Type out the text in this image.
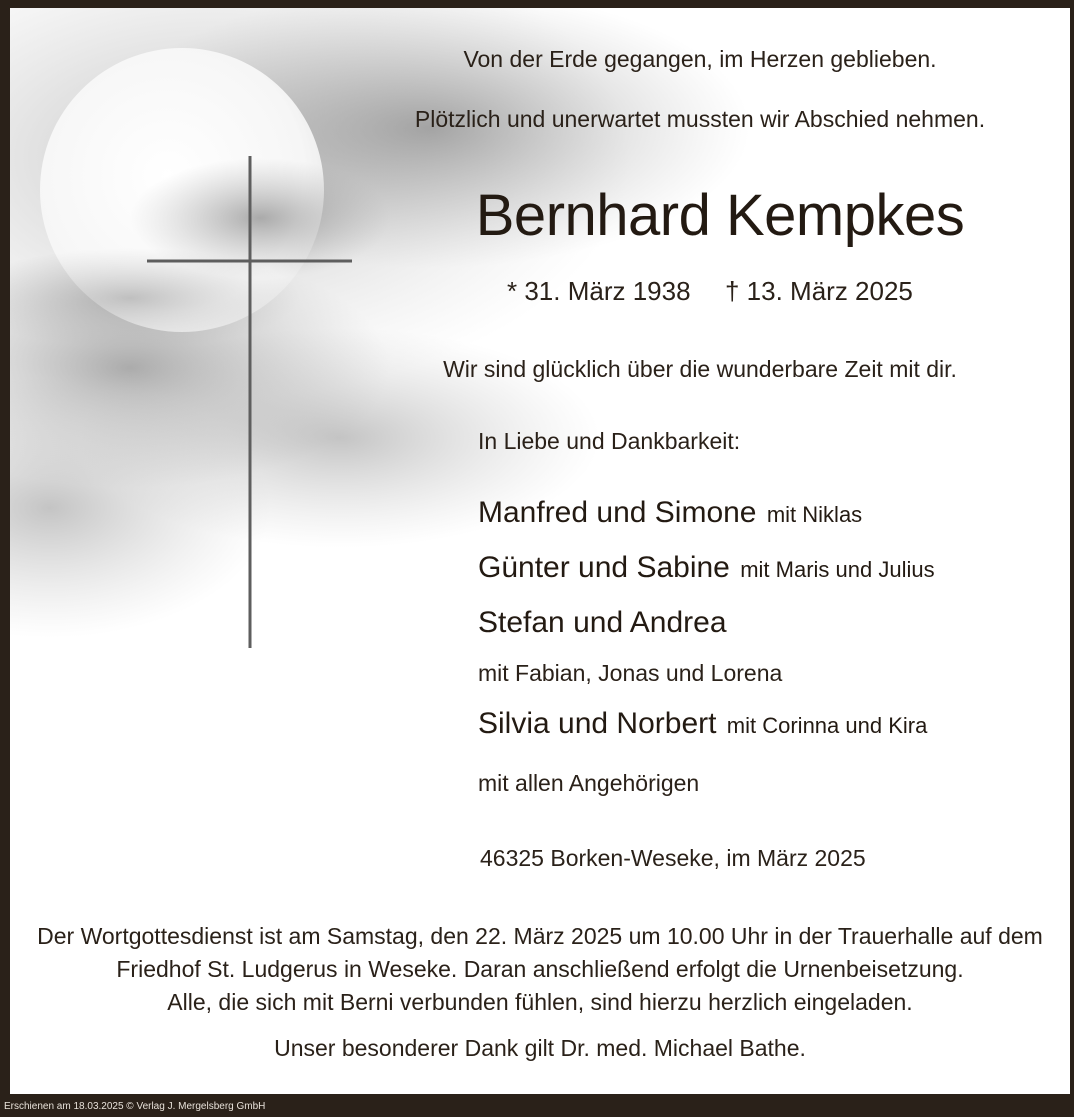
Von der Erde gegangen, im Herzen geblieben.
Plötzlich und unerwartet mussten wir Abschied nehmen.
Bernhard Kempkes
* 31. März 1938 † 13. März 2025
Wir sind glücklich über die wunderbare Zeit mit dir.
In Liebe und Dankbarkeit:
Manfred und Simone mit Niklas
Günter und Sabine mit Maris und Julius
Stefan und Andrea
mit Fabian, Jonas und Lorena
Silvia und Norbert mit Corinna und Kira
mit allen Angehörigen
46325 Borken-Weseke, im März 2025
Der Wortgottesdienst ist am Samstag, den 22. März 2025 um 10.00 Uhr in der Trauerhalle auf dem
Friedhof St. Ludgerus in Weseke. Daran anschließend erfolgt die Urnenbeisetzung.
Alle, die sich mit Berni verbunden fühlen, sind hierzu herzlich eingeladen.
Unser besonderer Dank gilt Dr. med. Michael Bathe.
Erschienen am 18.03.2025 © Verlag J. Mergelsberg GmbH
